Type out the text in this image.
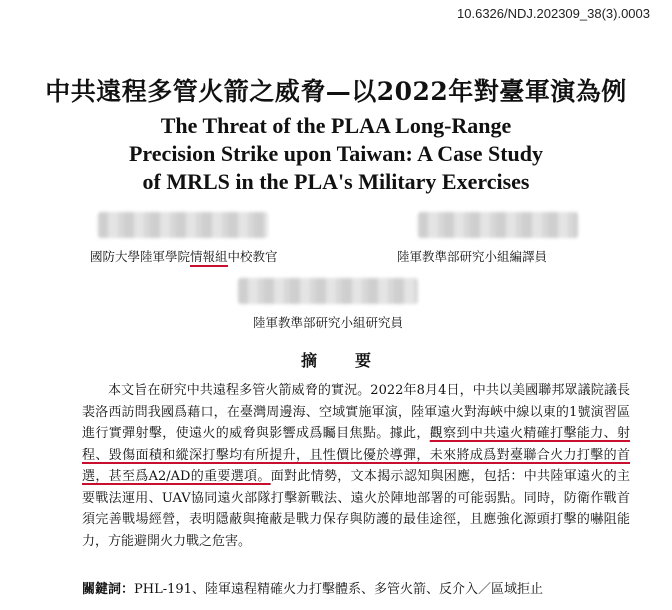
10.6326/NDJ.202309_38(3).0003
中共遠程多管火箭之威脅—以2022年對臺軍演為例
The Threat of the PLAA Long-Range
Precision Strike upon Taiwan: A Case Study
of MRLS in the PLA's Military Exercises
國防大學陸軍學院情報組中校教官	陸軍教準部研究小組編譯員
陸軍教準部研究小組研究員
摘要

本文旨在研究中共遠程多管火箭威脅的實況。2022年8月4日，中共以美國聯邦眾議院議長裴洛西訪問我國爲藉口，在臺灣周邊海、空域實施軍演，陸軍遠火對海峽中線以東的1號演習區進行實彈射擊，使遠火的威脅與影響成爲矚目焦點。據此，觀察到中共遠火精確打擊能力、射程、毀傷面積和縱深打擊均有所提升，且性價比優於導彈，未來將成爲對臺聯合火力打擊的首選，甚至爲A2/AD的重要選項。面對此情勢，文本揭示認知與困應，包括：中共陸軍遠火的主要戰法運用、UAV協同遠火部隊打擊新戰法、遠火於陣地部署的可能弱點。同時，防衛作戰首須完善戰場經營，表明隱蔽與掩蔽是戰力保存與防護的最佳途徑，且應強化源頭打擊的嚇阻能力，方能避開火力戰之危害。

關鍵詞：PHL-191、陸軍遠程精確火力打擊體系、多管火箭、反介入／區域拒止
